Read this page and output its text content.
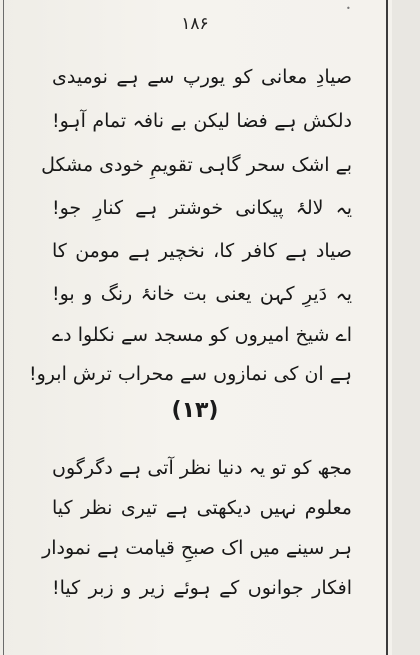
•
۱۸۶
صیادِ معانی کو یورپ سے ہے نومیدی
دلکش ہے فضا لیکن بے نافہ تمام آہو!
بے اشک سحر گاہی تقویمِ خودی مشکل
یہ لالۂ پیکانی خوشتر ہے کنارِ جو!
صیاد ہے کافر کا، نخچیر ہے مومن کا
یہ دَیرِ کہن یعنی بت خانۂ رنگ و بو!
اے شیخ امیروں کو مسجد سے نکلوا دے
ہے ان کی نمازوں سے محراب ترش ابرو!
(۱۳)
مجھ کو تو یہ دنیا نظر آتی ہے دگرگوں
معلوم نہیں دیکھتی ہے تیری نظر کیا
ہر سینے میں اک صبحِ قیامت ہے نمودار
افکار جوانوں کے ہوئے زیر و زبر کیا!
